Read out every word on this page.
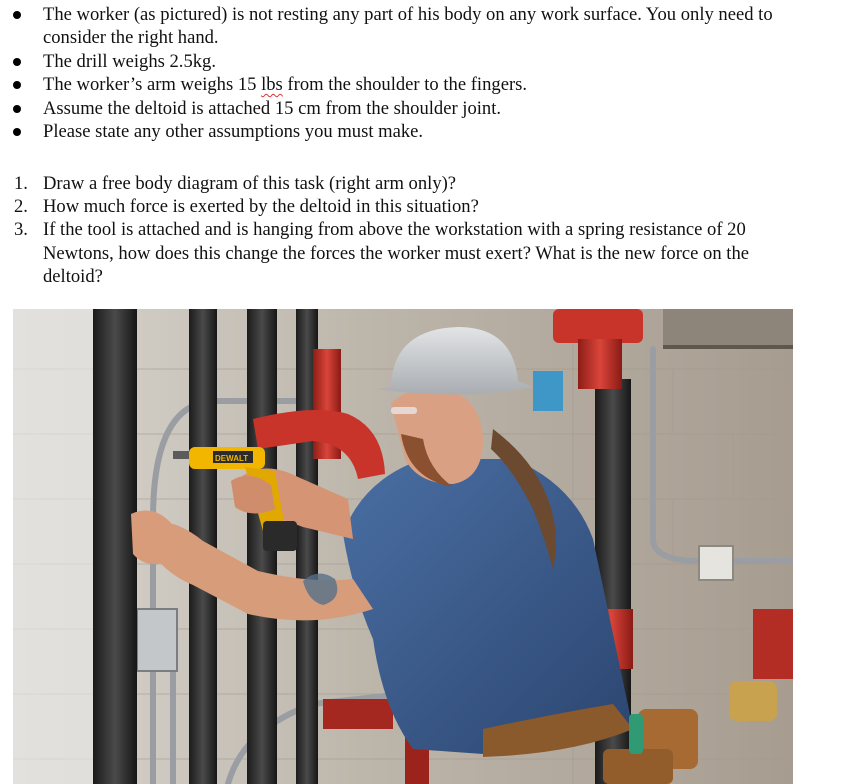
The worker (as pictured) is not resting any part of his body on any work surface. You only need to consider the right hand.
The drill weighs 2.5kg.
The worker’s arm weighs 15 lbs from the shoulder to the fingers.
Assume the deltoid is attached 15 cm from the shoulder joint.
Please state any other assumptions you must make.
1. Draw a free body diagram of this task (right arm only)?
2. How much force is exerted by the deltoid in this situation?
3. If the tool is attached and is hanging from above the workstation with a spring resistance of 20 Newtons, how does this change the forces the worker must exert? What is the new force on the deltoid?
DEWALT
